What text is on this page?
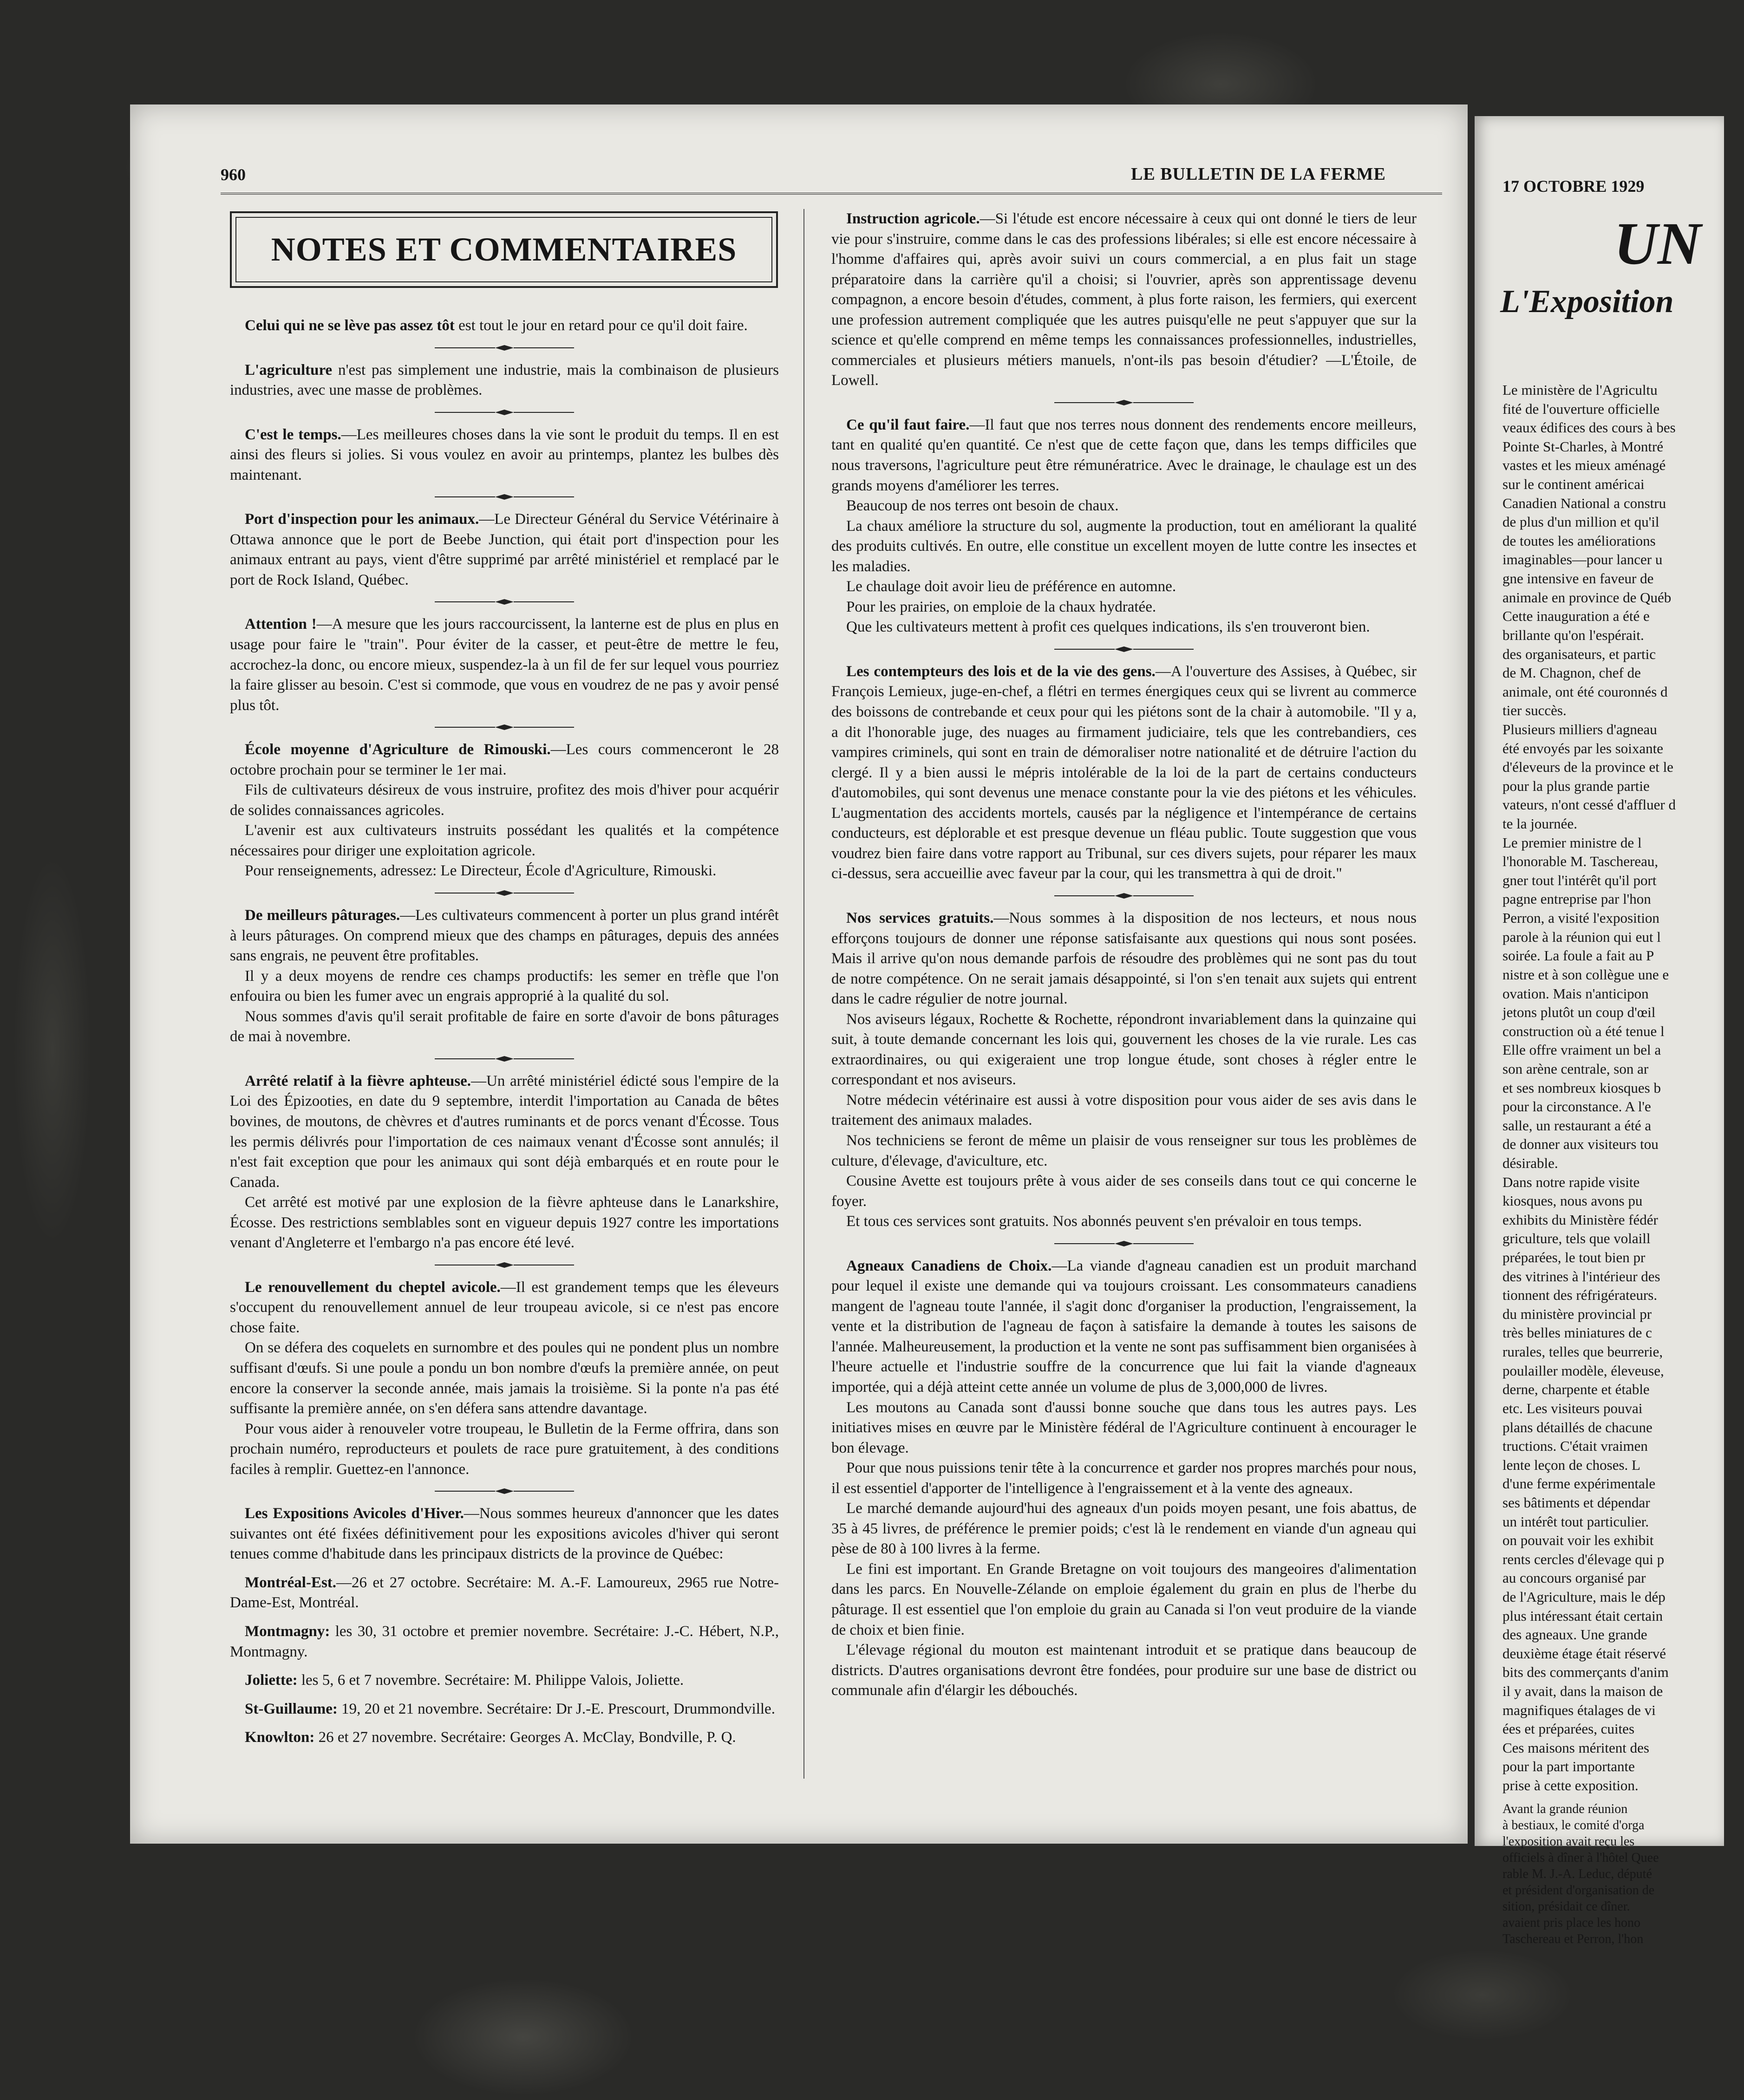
17 OCTOBRE 1929
UN
L'Exposition
Le ministère de l'Agricultu
fité de l'ouverture officielle
veaux édifices des cours à bes
Pointe St-Charles, à Montré
vastes et les mieux aménagé
sur le continent américai
Canadien National a constru
de plus d'un million et qu'il
de toutes les améliorations
imaginables—pour lancer u
gne intensive en faveur de
animale en province de Québ
Cette inauguration a été e
brillante qu'on l'espérait.
des organisateurs, et partic
de M. Chagnon, chef de
animale, ont été couronnés d
tier succès.
Plusieurs milliers d'agneau
été envoyés par les soixante
d'éleveurs de la province et le
pour la plus grande partie
vateurs, n'ont cessé d'affluer d
te la journée.
Le premier ministre de l
l'honorable M. Taschereau,
gner tout l'intérêt qu'il port
pagne entreprise par l'hon
Perron, a visité l'exposition
parole à la réunion qui eut l
soirée. La foule a fait au P
nistre et à son collègue une e
ovation. Mais n'anticipon
jetons plutôt un coup d'œil
construction où a été tenue l
Elle offre vraiment un bel a
son arène centrale, son ar
et ses nombreux kiosques b
pour la circonstance. A l'e
salle, un restaurant a été a
de donner aux visiteurs tou
désirable.
Dans notre rapide visite
kiosques, nous avons pu
exhibits du Ministère fédér
griculture, tels que volaill
préparées, le tout bien pr
des vitrines à l'intérieur des
tionnent des réfrigérateurs.
du ministère provincial pr
très belles miniatures de c
rurales, telles que beurrerie,
poulailler modèle, éleveuse,
derne, charpente et étable
etc. Les visiteurs pouvai
plans détaillés de chacune
tructions. C'était vraimen
lente leçon de choses. L
d'une ferme expérimentale
ses bâtiments et dépendar
un intérêt tout particulier.
on pouvait voir les exhibit
rents cercles d'élevage qui p
au concours organisé par
de l'Agriculture, mais le dép
plus intéressant était certain
des agneaux. Une grande
deuxième étage était réservé
bits des commerçants d'anim
il y avait, dans la maison de
magnifiques étalages de vi
ées et préparées, cuites
Ces maisons méritent des
pour la part importante
prise à cette exposition.
Avant la grande réunion
à bestiaux, le comité d'orga
l'exposition avait reçu les
officiels à dîner à l'hôtel Quee
rable M. J.-A. Leduc, député
et président d'organisation de
sition, présidait ce dîner.
avaient pris place les hono
Taschereau et Perron, l'hon
960	LE BULLETIN DE LA FERME
NOTES ET COMMENTAIRES

Celui qui ne se lève pas assez tôt est tout le jour en retard pour ce qu'il doit faire.

L'agriculture n'est pas simplement une industrie, mais la combinaison de plusieurs industries, avec une masse de problèmes.

C'est le temps.—Les meilleures choses dans la vie sont le produit du temps. Il en est ainsi des fleurs si jolies. Si vous voulez en avoir au printemps, plantez les bulbes dès maintenant.

Port d'inspection pour les animaux.—Le Directeur Général du Service Vétérinaire à Ottawa annonce que le port de Beebe Junction, qui était port d'inspection pour les animaux entrant au pays, vient d'être supprimé par arrêté ministériel et remplacé par le port de Rock Island, Québec.

Attention !—A mesure que les jours raccourcissent, la lanterne est de plus en plus en usage pour faire le "train". Pour éviter de la casser, et peut-être de mettre le feu, accrochez-la donc, ou encore mieux, suspendez-la à un fil de fer sur lequel vous pourriez la faire glisser au besoin. C'est si commode, que vous en voudrez de ne pas y avoir pensé plus tôt.

École moyenne d'Agriculture de Rimouski.—Les cours commenceront le 28 octobre prochain pour se terminer le 1er mai.

Fils de cultivateurs désireux de vous instruire, profitez des mois d'hiver pour acquérir de solides connaissances agricoles.

L'avenir est aux cultivateurs instruits possédant les qualités et la compétence nécessaires pour diriger une exploitation agricole.

Pour renseignements, adressez: Le Directeur, École d'Agriculture, Rimouski.

De meilleurs pâturages.—Les cultivateurs commencent à porter un plus grand intérêt à leurs pâturages. On comprend mieux que des champs en pâturages, depuis des années sans engrais, ne peuvent être profitables.

Il y a deux moyens de rendre ces champs productifs: les semer en trèfle que l'on enfouira ou bien les fumer avec un engrais approprié à la qualité du sol.

Nous sommes d'avis qu'il serait profitable de faire en sorte d'avoir de bons pâturages de mai à novembre.

Arrêté relatif à la fièvre aphteuse.—Un arrêté ministériel édicté sous l'empire de la Loi des Épizooties, en date du 9 septembre, interdit l'importation au Canada de bêtes bovines, de moutons, de chèvres et d'autres ruminants et de porcs venant d'Écosse. Tous les permis délivrés pour l'importation de ces naimaux venant d'Écosse sont annulés; il n'est fait exception que pour les animaux qui sont déjà embarqués et en route pour le Canada.

Cet arrêté est motivé par une explosion de la fièvre aphteuse dans le Lanarkshire, Écosse. Des restrictions semblables sont en vigueur depuis 1927 contre les importations venant d'Angleterre et l'embargo n'a pas encore été levé.

Le renouvellement du cheptel avicole.—Il est grandement temps que les éleveurs s'occupent du renouvellement annuel de leur troupeau avicole, si ce n'est pas encore chose faite.

On se défera des coquelets en surnombre et des poules qui ne pondent plus un nombre suffisant d'œufs. Si une poule a pondu un bon nombre d'œufs la première année, on peut encore la conserver la seconde année, mais jamais la troisième. Si la ponte n'a pas été suffisante la première année, on s'en défera sans attendre davantage.

Pour vous aider à renouveler votre troupeau, le Bulletin de la Ferme offrira, dans son prochain numéro, reproducteurs et poulets de race pure gratuitement, à des conditions faciles à remplir. Guettez-en l'annonce.

Les Expositions Avicoles d'Hiver.—Nous sommes heureux d'annoncer que les dates suivantes ont été fixées définitivement pour les expositions avicoles d'hiver qui seront tenues comme d'habitude dans les principaux districts de la province de Québec:

Montréal-Est.—26 et 27 octobre. Secrétaire: M. A.-F. Lamoureux, 2965 rue Notre-Dame-Est, Montréal.

Montmagny: les 30, 31 octobre et premier novembre. Secrétaire: J.-C. Hébert, N.P., Montmagny.

Joliette: les 5, 6 et 7 novembre. Secrétaire: M. Philippe Valois, Joliette.

St-Guillaume: 19, 20 et 21 novembre. Secrétaire: Dr J.-E. Prescourt, Drummondville.

Knowlton: 26 et 27 novembre. Secrétaire: Georges A. McClay, Bondville, P. Q.

Instruction agricole.—Si l'étude est encore nécessaire à ceux qui ont donné le tiers de leur vie pour s'instruire, comme dans le cas des professions libérales; si elle est encore nécessaire à l'homme d'affaires qui, après avoir suivi un cours commercial, a en plus fait un stage préparatoire dans la carrière qu'il a choisi; si l'ouvrier, après son apprentissage devenu compagnon, a encore besoin d'études, comment, à plus forte raison, les fermiers, qui exercent une profession autrement compliquée que les autres puisqu'elle ne peut s'appuyer que sur la science et qu'elle comprend en même temps les connaissances professionnelles, industrielles, commerciales et plusieurs métiers manuels, n'ont-ils pas besoin d'étudier? —L'Étoile, de Lowell.

Ce qu'il faut faire.—Il faut que nos terres nous donnent des rendements encore meilleurs, tant en qualité qu'en quantité. Ce n'est que de cette façon que, dans les temps difficiles que nous traversons, l'agriculture peut être rémunératrice. Avec le drainage, le chaulage est un des grands moyens d'améliorer les terres.

Beaucoup de nos terres ont besoin de chaux.

La chaux améliore la structure du sol, augmente la production, tout en améliorant la qualité des produits cultivés. En outre, elle constitue un excellent moyen de lutte contre les insectes et les maladies.

Le chaulage doit avoir lieu de préférence en automne.

Pour les prairies, on emploie de la chaux hydratée.

Que les cultivateurs mettent à profit ces quelques indications, ils s'en trouveront bien.

Les contempteurs des lois et de la vie des gens.—A l'ouverture des Assises, à Québec, sir François Lemieux, juge-en-chef, a flétri en termes énergiques ceux qui se livrent au commerce des boissons de contrebande et ceux pour qui les piétons sont de la chair à automobile. "Il y a, a dit l'honorable juge, des nuages au firmament judiciaire, tels que les contrebandiers, ces vampires criminels, qui sont en train de démoraliser notre nationalité et de détruire l'action du clergé. Il y a bien aussi le mépris intolérable de la loi de la part de certains conducteurs d'automobiles, qui sont devenus une menace constante pour la vie des piétons et les véhicules. L'augmentation des accidents mortels, causés par la négligence et l'intempérance de certains conducteurs, est déplorable et est presque devenue un fléau public. Toute suggestion que vous voudrez bien faire dans votre rapport au Tribunal, sur ces divers sujets, pour réparer les maux ci-dessus, sera accueillie avec faveur par la cour, qui les transmettra à qui de droit."

Nos services gratuits.—Nous sommes à la disposition de nos lecteurs, et nous nous efforçons toujours de donner une réponse satisfaisante aux questions qui nous sont posées. Mais il arrive qu'on nous demande parfois de résoudre des problèmes qui ne sont pas du tout de notre compétence. On ne serait jamais désappointé, si l'on s'en tenait aux sujets qui entrent dans le cadre régulier de notre journal.

Nos aviseurs légaux, Rochette & Rochette, répondront invariablement dans la quinzaine qui suit, à toute demande concernant les lois qui, gouvernent les choses de la vie rurale. Les cas extraordinaires, ou qui exigeraient une trop longue étude, sont choses à régler entre le correspondant et nos aviseurs.

Notre médecin vétérinaire est aussi à votre disposition pour vous aider de ses avis dans le traitement des animaux malades.

Nos techniciens se feront de même un plaisir de vous renseigner sur tous les problèmes de culture, d'élevage, d'aviculture, etc.

Cousine Avette est toujours prête à vous aider de ses conseils dans tout ce qui concerne le foyer.

Et tous ces services sont gratuits. Nos abonnés peuvent s'en prévaloir en tous temps.

Agneaux Canadiens de Choix.—La viande d'agneau canadien est un produit marchand pour lequel il existe une demande qui va toujours croissant. Les consommateurs canadiens mangent de l'agneau toute l'année, il s'agit donc d'organiser la production, l'engraissement, la vente et la distribution de l'agneau de façon à satisfaire la demande à toutes les saisons de l'année. Malheureusement, la production et la vente ne sont pas suffisamment bien organisées à l'heure actuelle et l'industrie souffre de la concurrence que lui fait la viande d'agneaux importée, qui a déjà atteint cette année un volume de plus de 3,000,000 de livres.

Les moutons au Canada sont d'aussi bonne souche que dans tous les autres pays. Les initiatives mises en œuvre par le Ministère fédéral de l'Agriculture continuent à encourager le bon élevage.

Pour que nous puissions tenir tête à la concurrence et garder nos propres marchés pour nous, il est essentiel d'apporter de l'intelligence à l'engraissement et à la vente des agneaux.

Le marché demande aujourd'hui des agneaux d'un poids moyen pesant, une fois abattus, de 35 à 45 livres, de préférence le premier poids; c'est là le rendement en viande d'un agneau qui pèse de 80 à 100 livres à la ferme.

Le fini est important. En Grande Bretagne on voit toujours des mangeoires d'alimentation dans les parcs. En Nouvelle-Zélande on emploie également du grain en plus de l'herbe du pâturage. Il est essentiel que l'on emploie du grain au Canada si l'on veut produire de la viande de choix et bien finie.

L'élevage régional du mouton est maintenant introduit et se pratique dans beaucoup de districts. D'autres organisations devront être fondées, pour produire sur une base de district ou communale afin d'élargir les débouchés.
